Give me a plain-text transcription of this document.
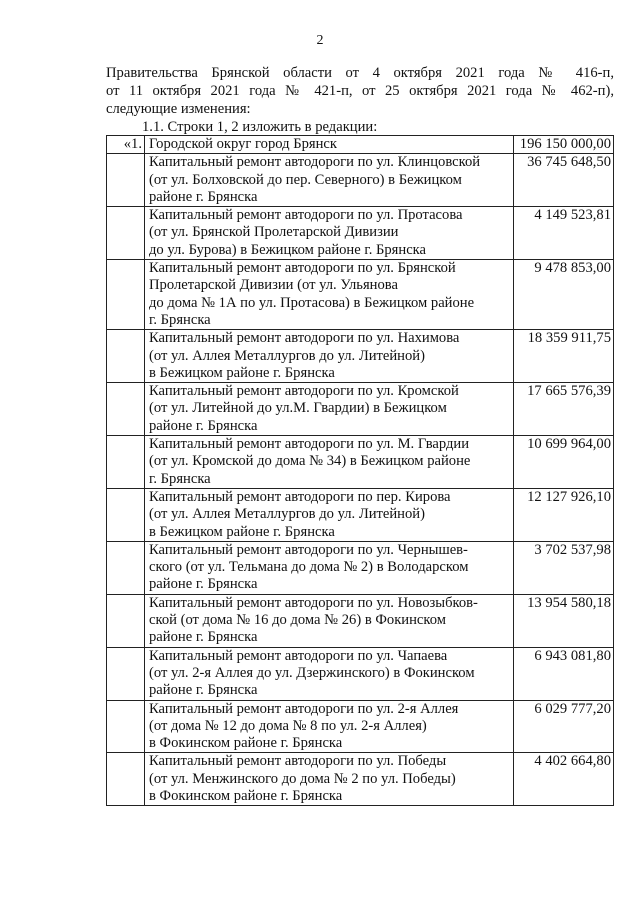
2
Правительства Брянской области от 4 октября 2021 года № 416-п,
от 11 октября 2021 года № 421-п, от 25 октября 2021 года № 462-п),
следующие изменения:
1.1. Строки 1, 2 изложить в редакции:
«1.	Городской округ город Брянск	196 150 000,00

	Капитальный ремонт автодороги по ул. Клинцовской
(от ул. Болховской до пер. Северного) в Бежицком
районе г. Брянска	36 745 648,50

	Капитальный ремонт автодороги по ул. Протасова
(от ул. Брянской Пролетарской Дивизии
до ул. Бурова) в Бежицком районе г. Брянска	4 149 523,81

	Капитальный ремонт автодороги по ул. Брянской
Пролетарской Дивизии (от ул. Ульянова
до дома № 1А по ул. Протасова) в Бежицком районе
г. Брянска	9 478 853,00

	Капитальный ремонт автодороги по ул. Нахимова
(от ул. Аллея Металлургов до ул. Литейной)
в Бежицком районе г. Брянска	18 359 911,75

	Капитальный ремонт автодороги по ул. Кромской
(от ул. Литейной до ул.М. Гвардии) в Бежицком
районе г. Брянска	17 665 576,39

	Капитальный ремонт автодороги по ул. М. Гвардии
(от ул. Кромской до дома № 34) в Бежицком районе
г. Брянска	10 699 964,00

	Капитальный ремонт автодороги по пер. Кирова
(от ул. Аллея Металлургов до ул. Литейной)
в Бежицком районе г. Брянска	12 127 926,10

	Капитальный ремонт автодороги по ул. Чернышев-
ского (от ул. Тельмана до дома № 2) в Володарском
районе г. Брянска	3 702 537,98

	Капитальный ремонт автодороги по ул. Новозыбков-
ской (от дома № 16 до дома № 26) в Фокинском
районе г. Брянска	13 954 580,18

	Капитальный ремонт автодороги по ул. Чапаева
(от ул. 2-я Аллея до ул. Дзержинского) в Фокинском
районе г. Брянска	6 943 081,80

	Капитальный ремонт автодороги по ул. 2-я Аллея
(от дома № 12 до дома № 8 по ул. 2-я Аллея)
в Фокинском районе г. Брянска	6 029 777,20

	Капитальный ремонт автодороги по ул. Победы
(от ул. Менжинского до дома № 2 по ул. Победы)
в Фокинском районе г. Брянска	4 402 664,80
